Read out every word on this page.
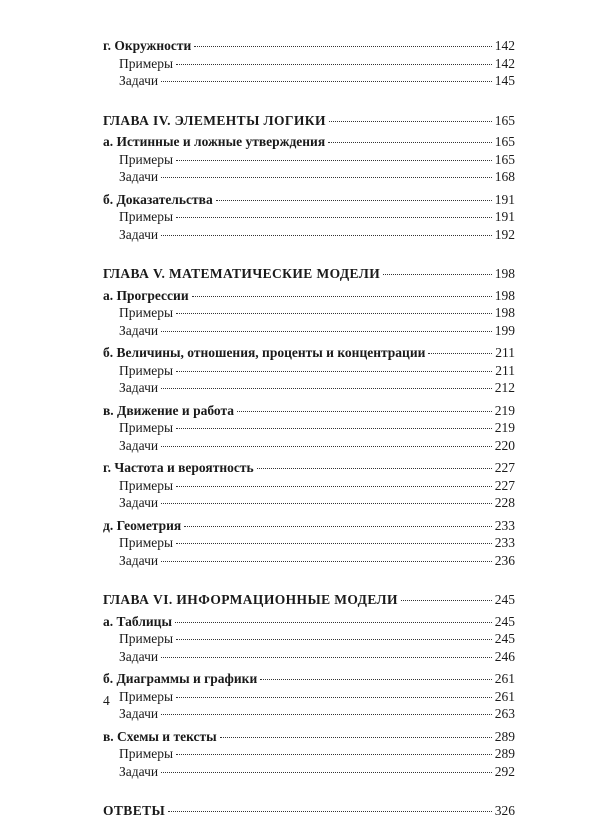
г. Окружности	142
Примеры	142
Задачи	145
ГЛАВА IV. ЭЛЕМЕНТЫ ЛОГИКИ	165
а. Истинные и ложные утверждения	165
Примеры	165
Задачи	168
б. Доказательства	191
Примеры	191
Задачи	192
ГЛАВА V. МАТЕМАТИЧЕСКИЕ МОДЕЛИ	198
а. Прогрессии	198
Примеры	198
Задачи	199
б. Величины, отношения, проценты и концентрации	211
Примеры	211
Задачи	212
в. Движение и работа	219
Примеры	219
Задачи	220
г. Частота и вероятность	227
Примеры	227
Задачи	228
д. Геометрия	233
Примеры	233
Задачи	236
ГЛАВА VI. ИНФОРМАЦИОННЫЕ МОДЕЛИ	245
а. Таблицы	245
Примеры	245
Задачи	246
б. Диаграммы и графики	261
Примеры	261
Задачи	263
в. Схемы и тексты	289
Примеры	289
Задачи	292
ОТВЕТЫ	326
4
